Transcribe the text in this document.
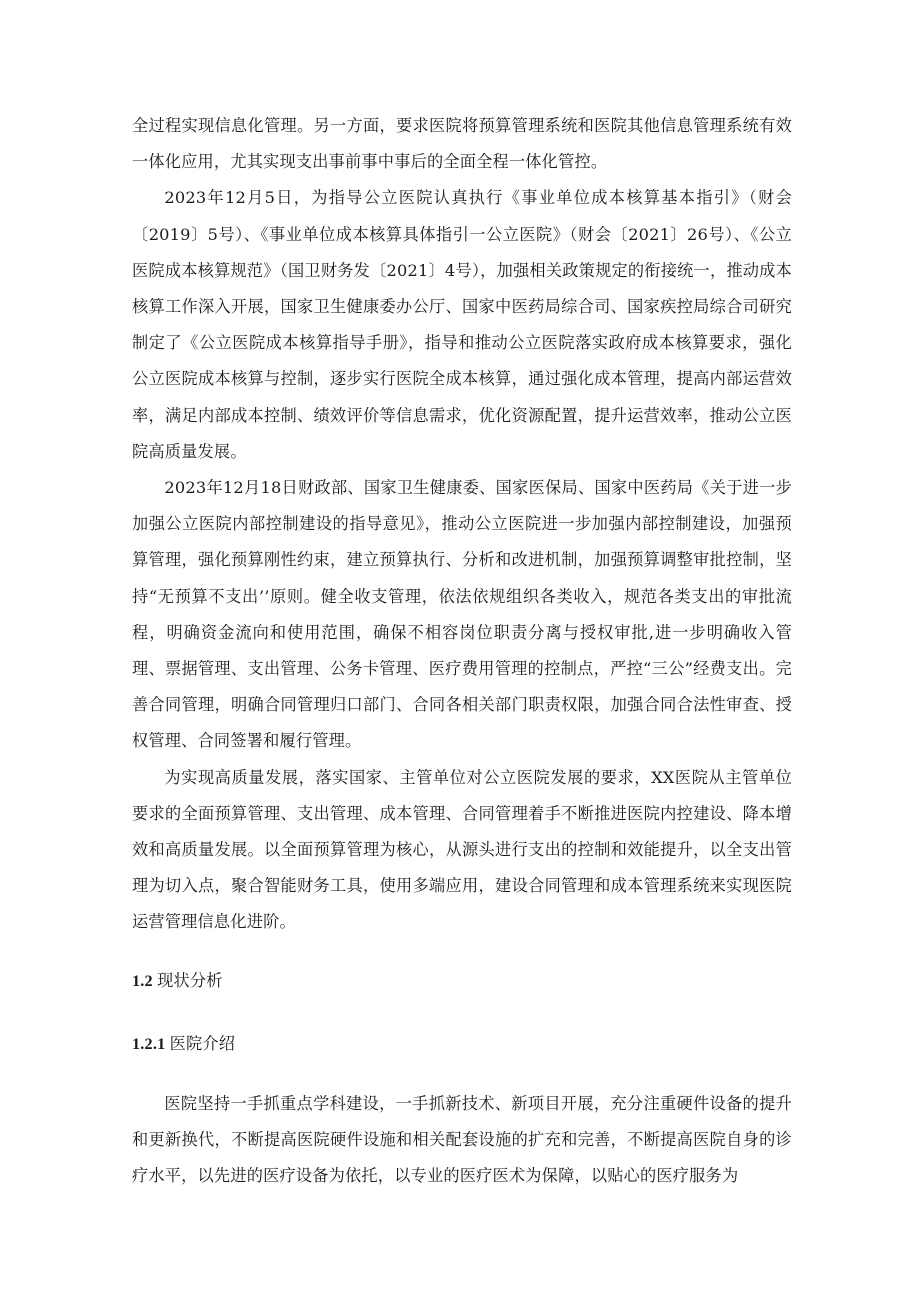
全过程实现信息化管理。另一方面，要求医院将预算管理系统和医院其他信息管理系统有效一体化应用，尤其实现支出事前事中事后的全面全程一体化管控。

2023年12月5日，为指导公立医院认真执行《事业单位成本核算基本指引》（财会〔2019〕5号）、《事业单位成本核算具体指引一公立医院》（财会〔2021〕26号）、《公立医院成本核算规范》（国卫财务发〔2021〕4号），加强相关政策规定的衔接统一，推动成本核算工作深入开展，国家卫生健康委办公厅、国家中医药局综合司、国家疾控局综合司研究制定了《公立医院成本核算指导手册》，指导和推动公立医院落实政府成本核算要求，强化公立医院成本核算与控制，逐步实行医院全成本核算，通过强化成本管理，提高内部运营效率，满足内部成本控制、绩效评价等信息需求，优化资源配置，提升运营效率，推动公立医院高质量发展。

2023年12月18日财政部、国家卫生健康委、国家医保局、国家中医药局《关于进一步加强公立医院内部控制建设的指导意见》，推动公立医院进一步加强内部控制建设，加强预算管理，强化预算刚性约束，建立预算执行、分析和改进机制，加强预算调整审批控制，坚持“无预算不支出’’原则。健全收支管理，依法依规组织各类收入，规范各类支出的审批流程，明确资金流向和使用范围，确保不相容岗位职责分离与授权审批,进一步明确收入管理、票据管理、支出管理、公务卡管理、医疗费用管理的控制点，严控“三公”经费支出。完善合同管理，明确合同管理归口部门、合同各相关部门职责权限，加强合同合法性审查、授权管理、合同签署和履行管理。

为实现高质量发展，落实国家、主管单位对公立医院发展的要求，XX医院从主管单位要求的全面预算管理、支出管理、成本管理、合同管理着手不断推进医院内控建设、降本增效和高质量发展。以全面预算管理为核心，从源头进行支出的控制和效能提升，以全支出管理为切入点，聚合智能财务工具，使用多端应用，建设合同管理和成本管理系统来实现医院运营管理信息化进阶。

1.2 现状分析
1.2.1 医院介绍

医院坚持一手抓重点学科建设，一手抓新技术、新项目开展，充分注重硬件设备的提升和更新换代，不断提高医院硬件设施和相关配套设施的扩充和完善，不断提高医院自身的诊疗水平，以先进的医疗设备为依托，以专业的医疗医术为保障，以贴心的医疗服务为
